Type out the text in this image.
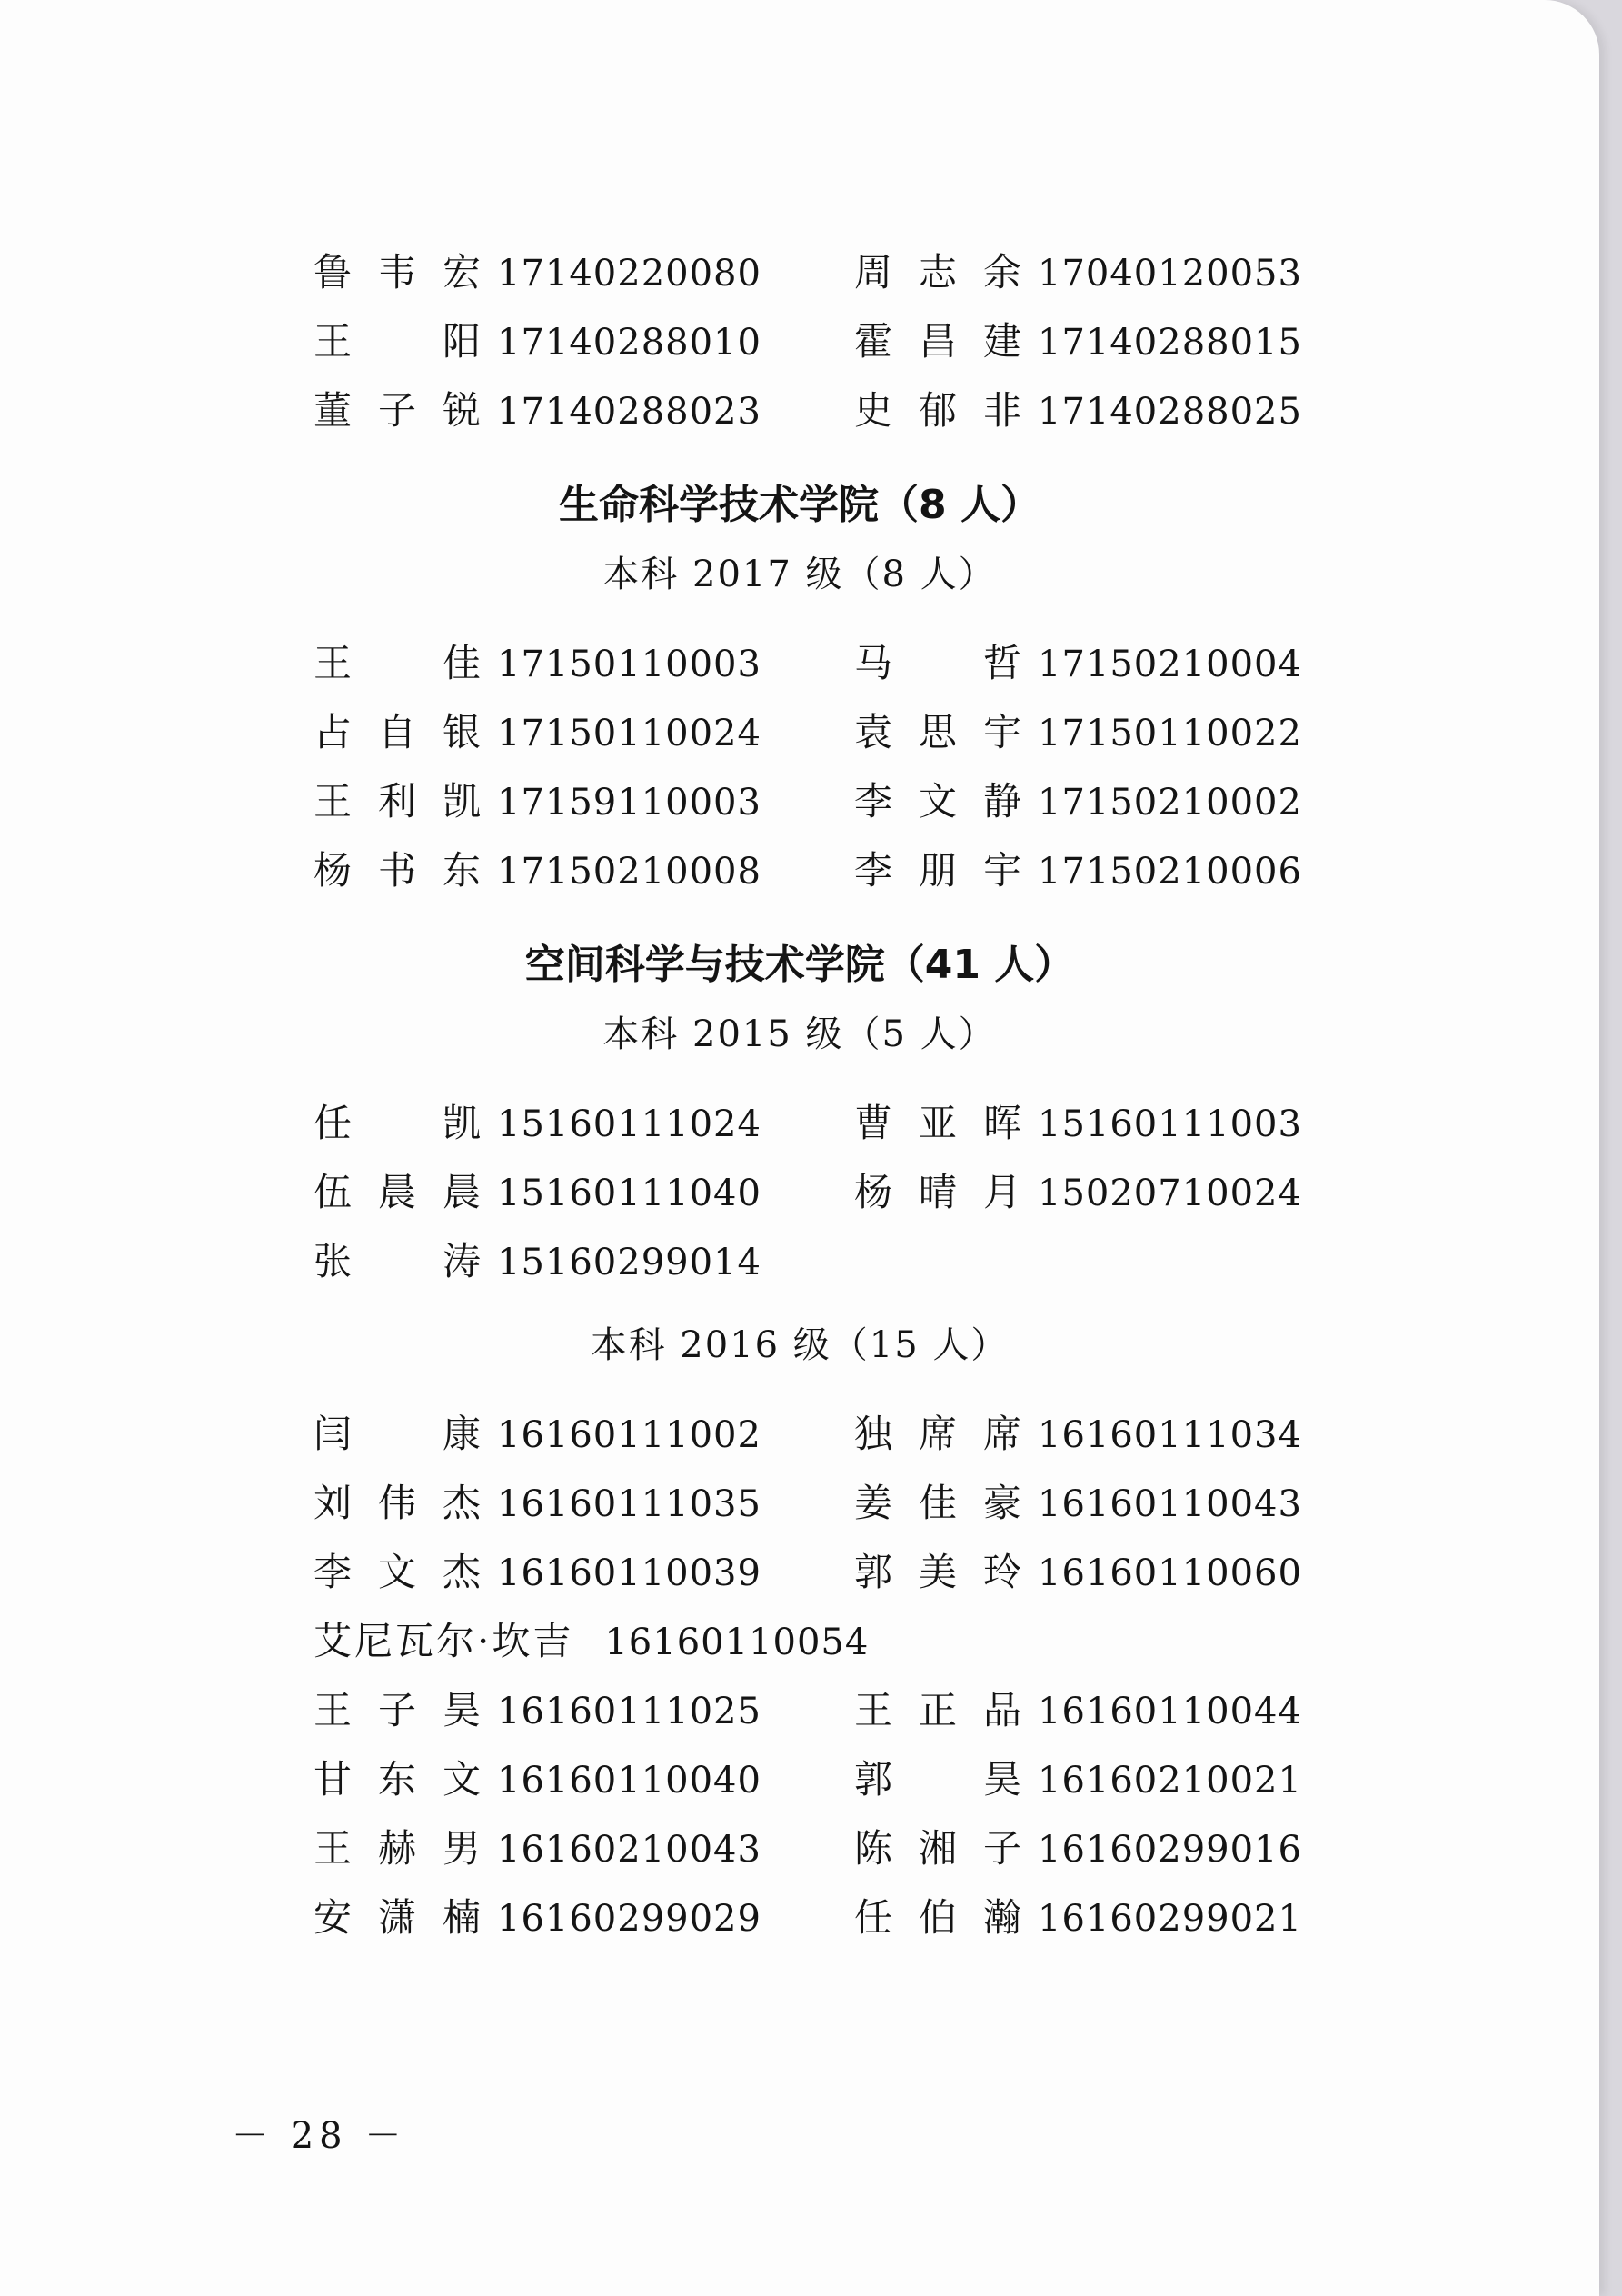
鲁韦宏 17140220080 周志余 17040120053
王　阳 17140288010 霍昌建 17140288015
董子锐 17140288023 史郁非 17140288025
生命科学技术学院（8 人）
本科 2017 级（8 人）
王　佳 17150110003 马　哲 17150210004
占自银 17150110024 袁思宇 17150110022
王利凯 17159110003 李文静 17150210002
杨书东 17150210008 李朋宇 17150210006
空间科学与技术学院（41 人）
本科 2015 级（5 人）
任　凯 15160111024 曹亚晖 15160111003
伍晨晨 15160111040 杨晴月 15020710024
张　涛 15160299014
本科 2016 级（15 人）
闫　康 16160111002 独席席 16160111034
刘伟杰 16160111035 姜佳豪 16160110043
李文杰 16160110039 郭美玲 16160110060
艾尼瓦尔·坎吉 16160110054
王子昊 16160111025 王正品 16160110044
甘东文 16160110040 郭　昊 16160210021
王赫男 16160210043 陈湘子 16160299016
安潇楠 16160299029 任伯瀚 16160299021
－ 28 －
